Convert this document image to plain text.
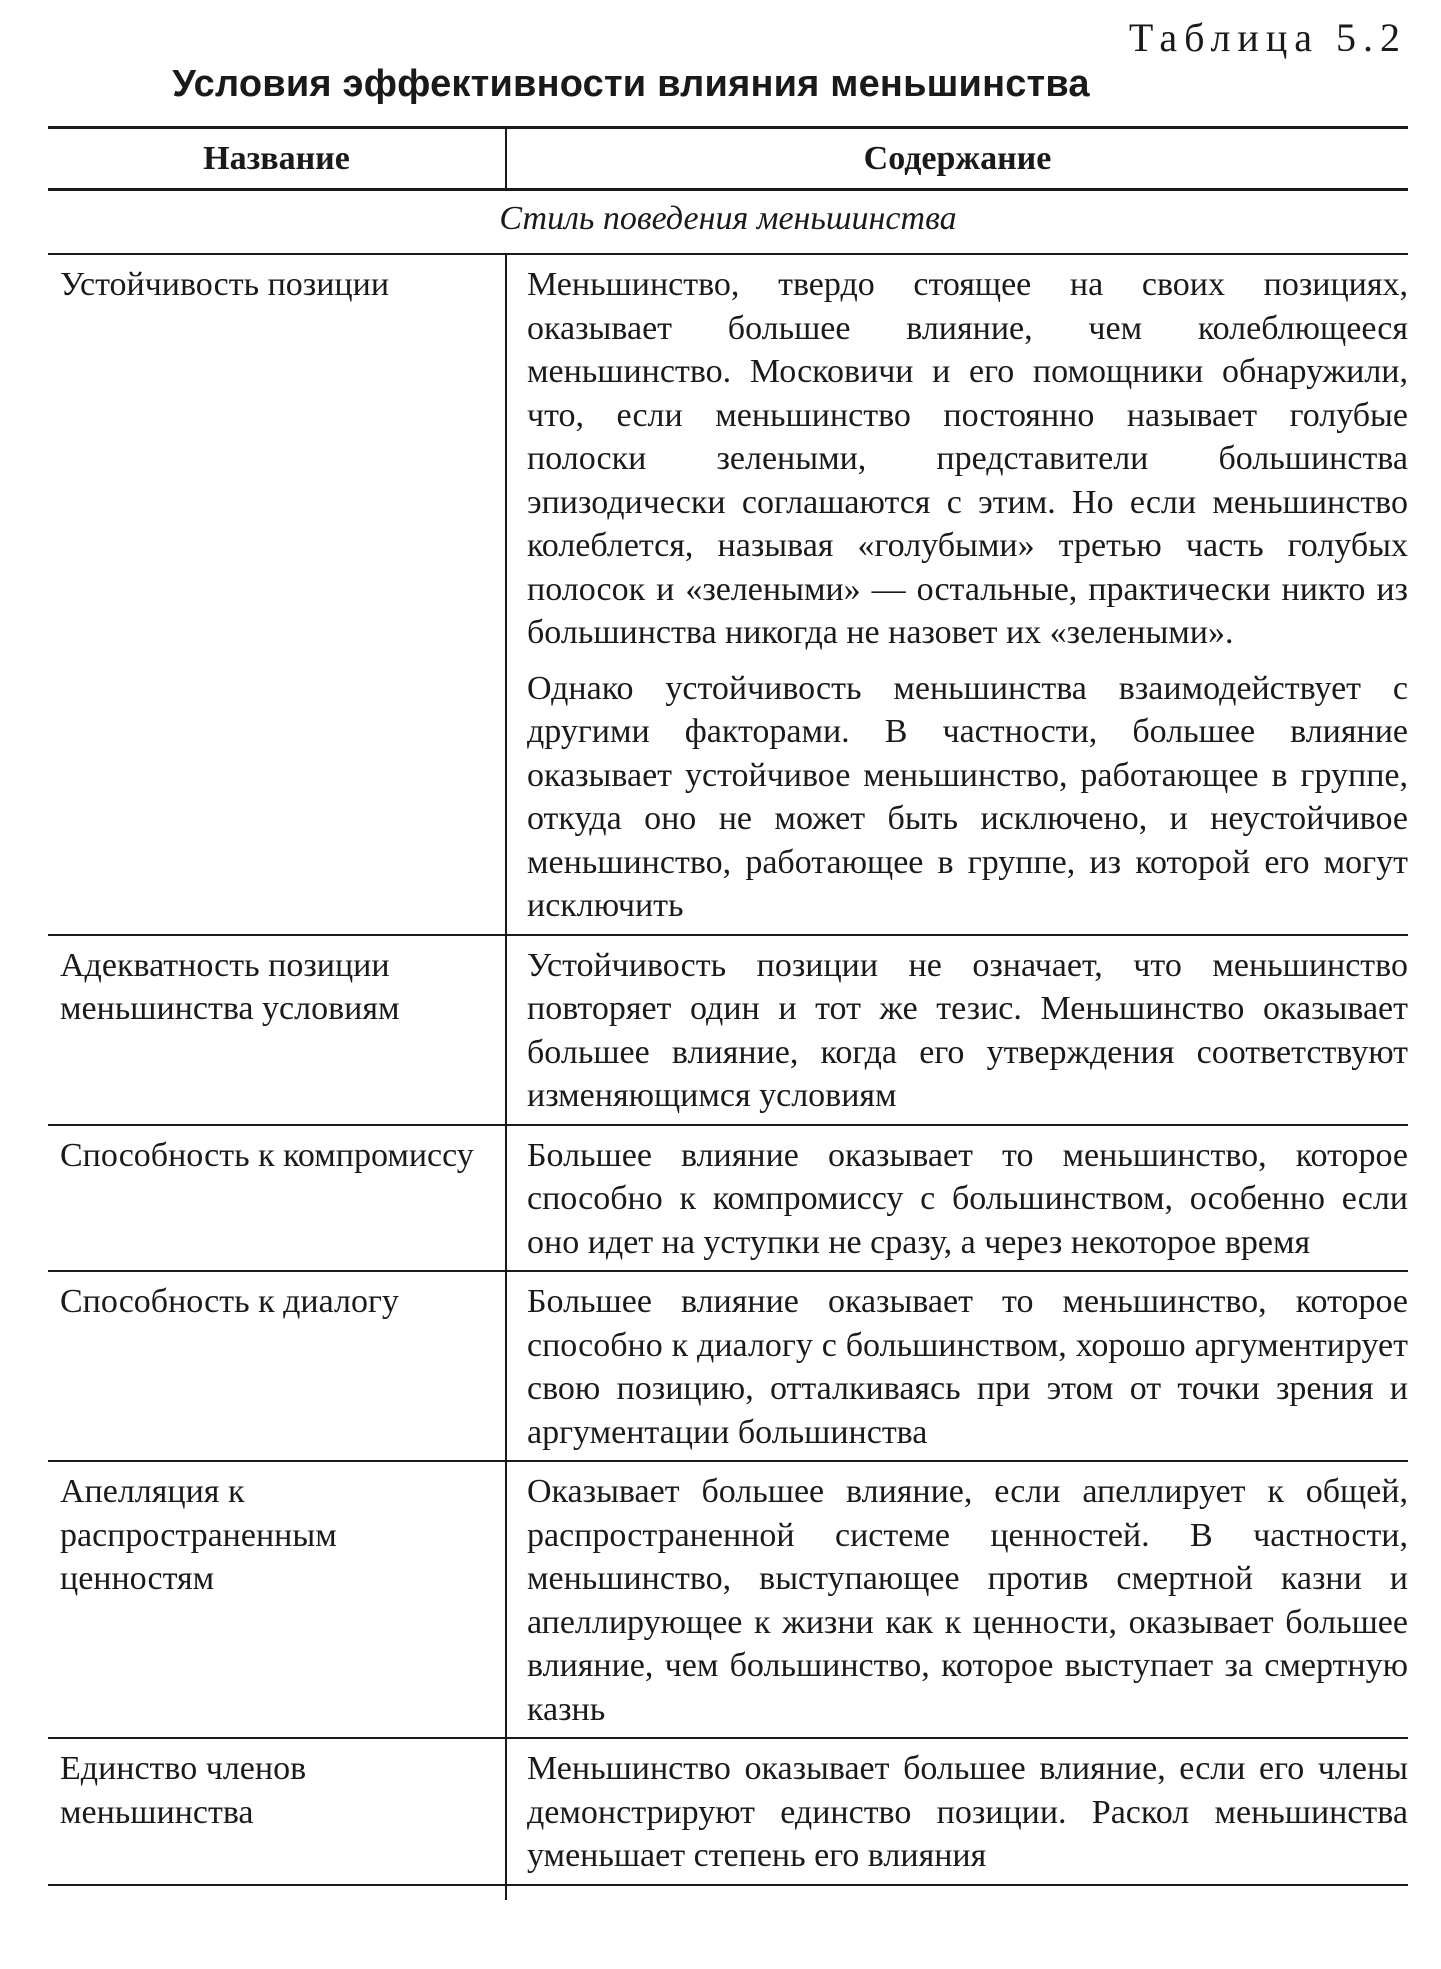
Таблица 5.2
Условия эффективности влияния меньшинства
Название	Содержание
Стиль поведения меньшинства	
Устойчивость позиции	Меньшинство, твердо стоящее на своих позициях, оказывает большее влияние, чем колеблющееся меньшинство. Московичи и его помощники обнаружили, что, если меньшинство постоянно называет голубые полоски зелеными, представители большинства эпизодически соглашаются с этим. Но если меньшинство колеблется, называя «голубыми» третью часть голубых полосок и «зелеными» — остальные, практически никто из большинства никогда не назовет их «зелеными».

Однако устойчивость меньшинства взаимодействует с другими факторами. В частности, большее влияние оказывает устойчивое меньшинство, работающее в группе, откуда оно не может быть исключено, и неустойчивое меньшинство, работающее в группе, из которой его могут исключить

Адекватность позиции меньшинства условиям	Устойчивость позиции не означает, что меньшинство повторяет один и тот же тезис. Меньшинство оказывает большее влияние, когда его утверждения соответствуют изменяющимся условиям

Способность к компромиссу	Большее влияние оказывает то меньшинство, которое способно к компромиссу с большинством, особенно если оно идет на уступки не сразу, а через некоторое время

Способность к диалогу	Большее влияние оказывает то меньшинство, которое способно к диалогу с большинством, хорошо аргументирует свою позицию, отталкиваясь при этом от точки зрения и аргументации большинства

Апелляция к распространенным ценностям	Оказывает большее влияние, если апеллирует к общей, распространенной системе ценностей. В частности, меньшинство, выступающее против смертной казни и апеллирующее к жизни как к ценности, оказывает большее влияние, чем большинство, которое выступает за смертную казнь

Единство членов меньшинства	Меньшинство оказывает большее влияние, если его члены демонстрируют единство позиции. Раскол меньшинства уменьшает степень его влияния
